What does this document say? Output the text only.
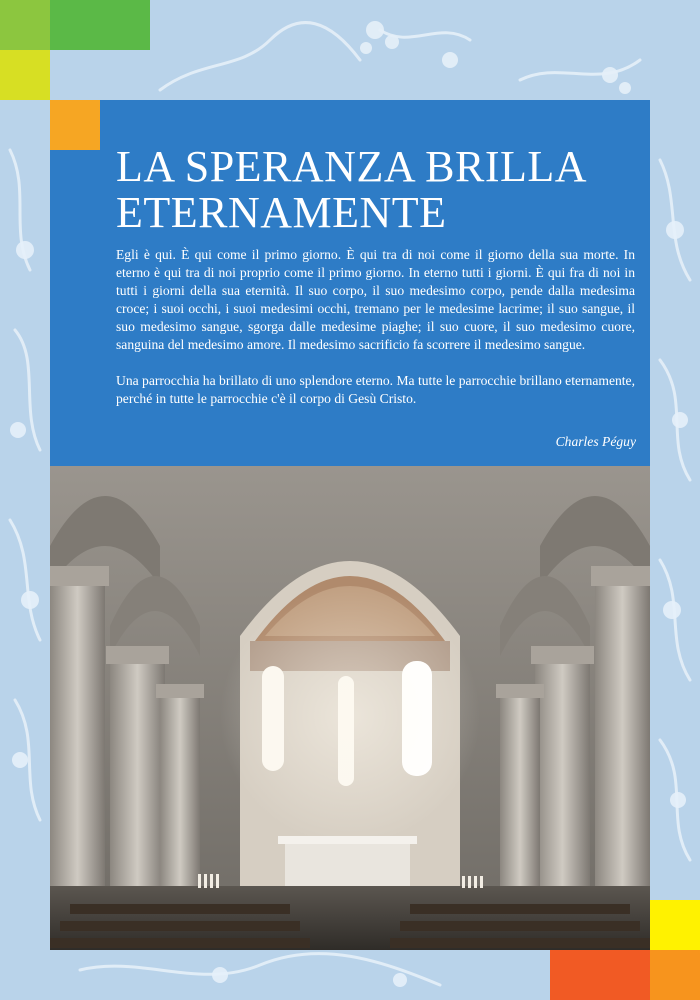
LA SPERANZA BRILLA
ETERNAMENTE

Egli è qui. È qui come il primo giorno. È qui tra di noi come il giorno della sua morte. In eterno è qui tra di noi proprio come il primo giorno. In eterno tutti i giorni. È qui fra di noi in tutti i giorni della sua eternità. Il suo corpo, il suo medesimo corpo, pende dalla medesima croce; i suoi occhi, i suoi medesimi occhi, tremano per le medesime lacrime; il suo sangue, il suo medesimo sangue, sgorga dalle medesime piaghe; il suo cuore, il suo medesimo cuore, sanguina del medesimo amore. Il medesimo sacrificio fa scorrere il medesimo sangue.

Una parrocchia ha brillato di uno splendore eterno. Ma tutte le parrocchie brillano eternamente, perché in tutte le parrocchie c'è il corpo di Gesù Cristo.

Charles Péguy
